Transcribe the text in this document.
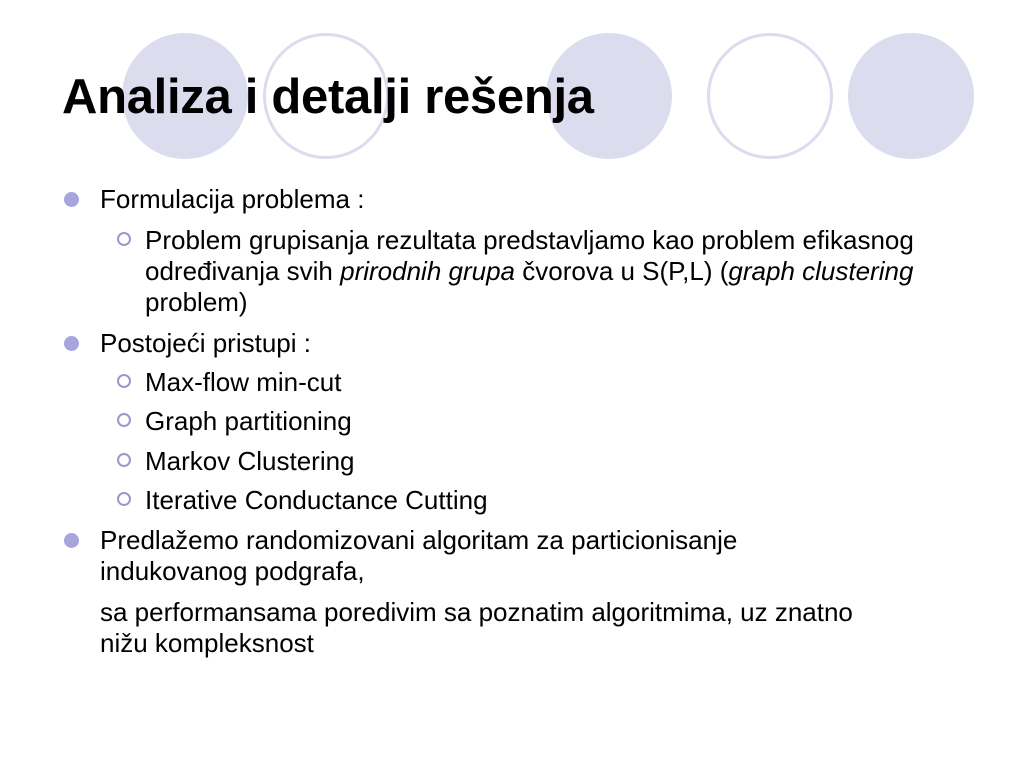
Analiza i detalji rešenja

Formulacija problema :

Problem grupisanja rezultata predstavljamo kao problem efikasnog određivanja svih prirodnih grupa čvorova u S(P,L) (graph clustering problem)

Postojeći pristupi :

Max-flow min-cut

Graph partitioning

Markov Clustering

Iterative Conductance Cutting

Predlažemo randomizovani algoritam za particionisanje indukovanog podgrafa,

sa performansama poredivim sa poznatim algoritmima, uz znatno nižu kompleksnost
